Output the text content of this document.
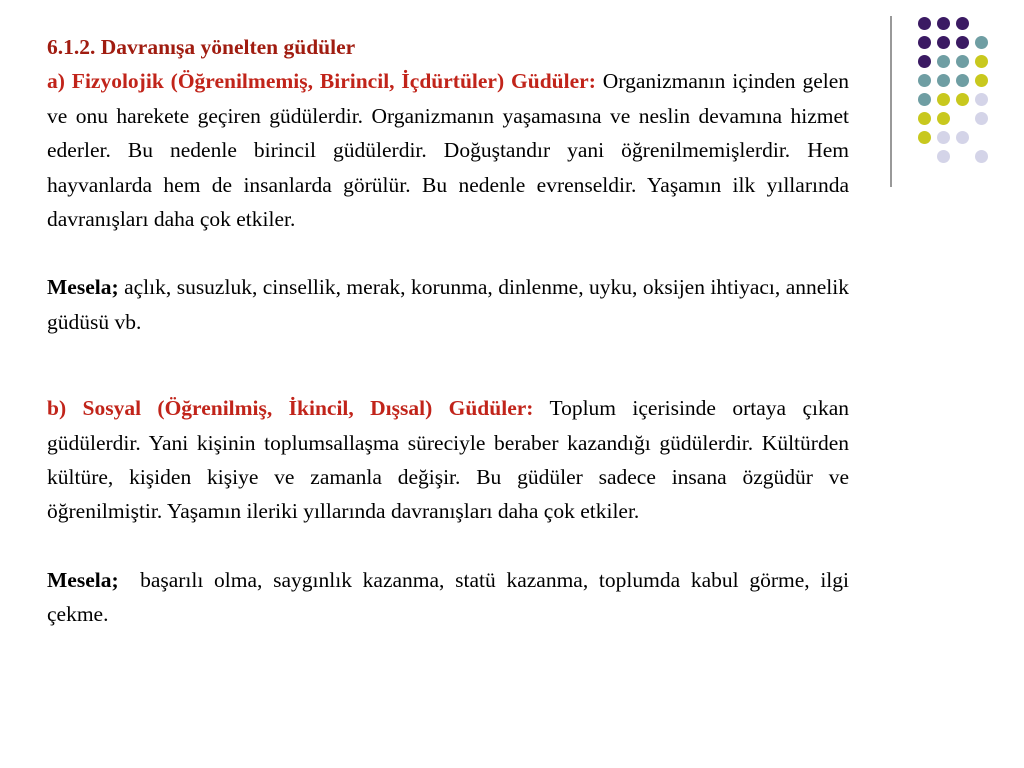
6.1.2. Davranışa yönelten güdüler

a) Fizyolojik (Öğrenilmemiş, Birincil, İçdürtüler) Güdüler: Organizmanın içinden gelen ve onu harekete geçiren güdülerdir. Organizmanın yaşamasına ve neslin devamına hizmet ederler. Bu nedenle birincil güdülerdir. Doğuştandır yani öğrenilmemişlerdir. Hem hayvanlarda hem de insanlarda görülür. Bu nedenle evrenseldir. Yaşamın ilk yıllarında davranışları daha çok etkiler.

Mesela; açlık, susuzluk, cinsellik, merak, korunma, dinlenme, uyku, oksijen ihtiyacı, annelik güdüsü vb.

b) Sosyal (Öğrenilmiş, İkincil, Dışsal) Güdüler: Toplum içerisinde ortaya çıkan güdülerdir. Yani kişinin toplumsallaşma süreciyle beraber kazandığı güdülerdir. Kültürden kültüre, kişiden kişiye ve zamanla değişir. Bu güdüler sadece insana özgüdür ve öğrenilmiştir. Yaşamın ileriki yıllarında davranışları daha çok etkiler.

Mesela; başarılı olma, saygınlık kazanma, statü kazanma, toplumda kabul görme, ilgi çekme.
